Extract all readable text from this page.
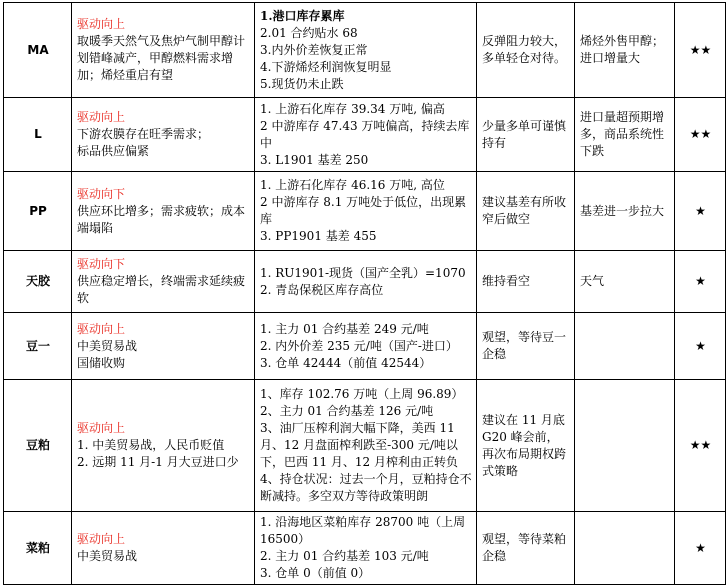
MA	驱动向上
取暖季天然气及焦炉气制甲醇计划错峰减产，甲醇燃料需求增加；烯烃重启有望	1.港口库存累库
2.01 合约贴水 68
3.内外价差恢复正常
4.下游烯烃利润恢复明显
5.现货仍未止跌	反弹阻力较大，多单轻仓对待。	烯烃外售甲醇；进口增量大	★★
L	驱动向上
下游农膜存在旺季需求；
标品供应偏紧	1. 上游石化库存 39.34 万吨, 偏高
2 中游库存 47.43 万吨偏高，持续去库中
3. L1901 基差 250	少量多单可谨慎持有	进口量超预期增多，商品系统性下跌	★★
PP	驱动向下
供应环比增多；需求疲软；成本端塌陷	1. 上游石化库存 46.16 万吨, 高位
2 中游库存 8.1 万吨处于低位，出现累库
3. PP1901 基差 455	建议基差有所收窄后做空	基差进一步拉大	★
天胶	驱动向下
供应稳定增长，终端需求延续疲软	1. RU1901-现货（国产全乳）=1070
2. 青岛保税区库存高位	维持看空	天气	★
豆一	驱动向上
中美贸易战
国储收购	1. 主力 01 合约基差 249 元/吨
2. 内外价差 235 元/吨（国产-进口）
3. 仓单 42444（前值 42544）	观望，等待豆一企稳		★
豆粕	驱动向上
1. 中美贸易战，人民币贬值
2. 远期 11 月-1 月大豆进口少	1、库存 102.76 万吨（上周 96.89）
2、主力 01 合约基差 126 元/吨
3、油厂压榨利润大幅下降，美西 11 月、12 月盘面榨利跌至-300 元/吨以下，巴西 11 月、12 月榨利由正转负
4、持仓状况：过去一个月，豆粕持仓不断减持。多空双方等待政策明朗	建议在 11 月底 G20 峰会前，再次布局期权跨式策略		★★
菜粕	驱动向上
中美贸易战	1. 沿海地区菜粕库存 28700 吨（上周 16500）
2. 主力 01 合约基差 103 元/吨
3. 仓单 0（前值 0）	观望，等待菜粕企稳		★
